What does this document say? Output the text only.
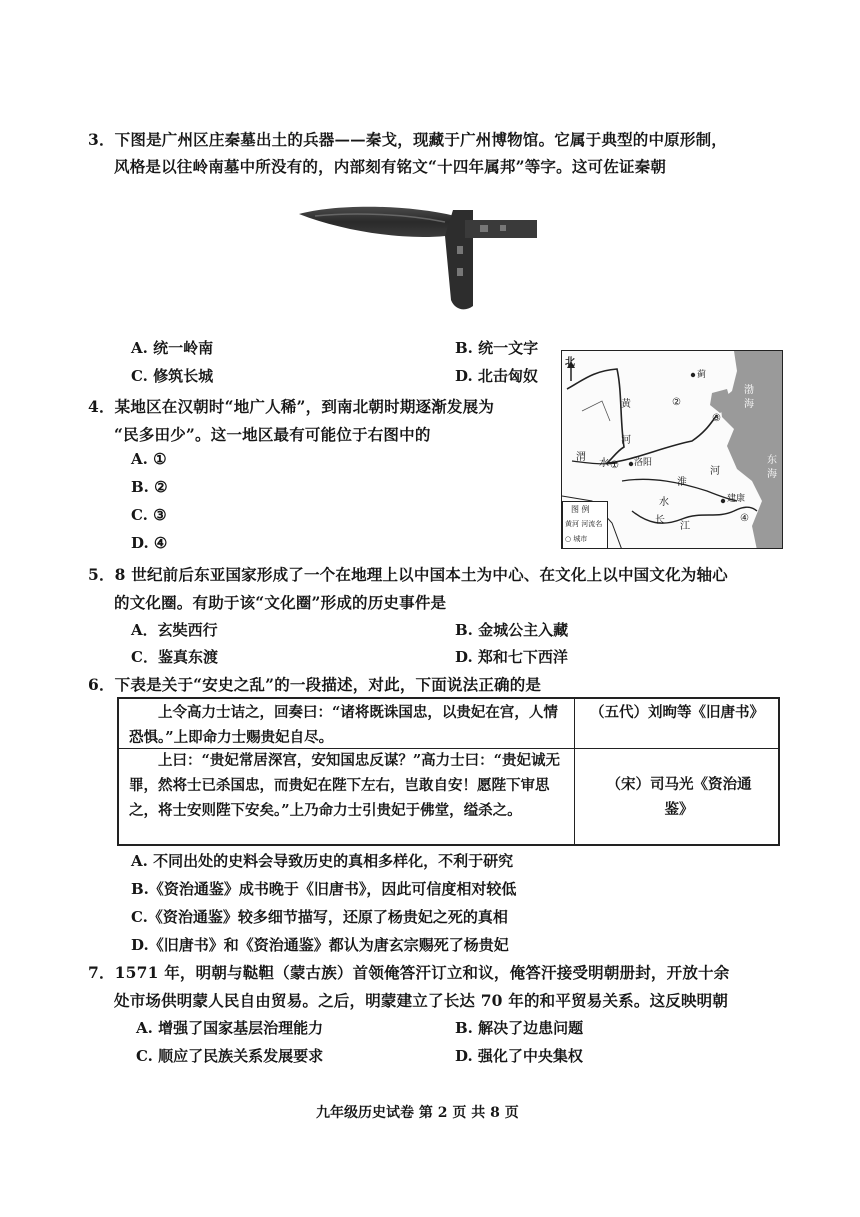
3．下图是广州区庄秦墓出土的兵器——秦戈，现藏于广州博物馆。它属于典型的中原形制，
风格是以往岭南墓中所没有的，内部刻有铭文“十四年属邦”等字。这可佐证秦朝
A. 统一岭南	B. 统一文字
C. 修筑长城	D. 北击匈奴
4．某地区在汉朝时“地广人稀”，到南北朝时期逐渐发展为
“民多田少”。这一地区最有可能位于右图中的
A. ①
B. ②
C. ③
D. ④
北
黄
河
渭
水
淮
河
水
长
江
洛阳
建康
蓟
①
②
③
④
渤
海
东
海
图 例
黄河 河流名
○ 城市
5．8 世纪前后东亚国家形成了一个在地理上以中国本土为中心、在文化上以中国文化为轴心
的文化圈。有助于该“文化圈”形成的历史事件是
A．玄奘西行	B. 金城公主入藏
C．鉴真东渡	D. 郑和七下西洋
6．下表是关于“安史之乱”的一段描述，对此，下面说法正确的是
上令高力士诘之，回奏曰：“诸将既诛国忠，以贵妃在宫，人情恐惧。”上即命力士赐贵妃自尽。
（五代）刘昫等《旧唐书》
上曰：“贵妃常居深宫，安知国忠反谋？”高力士曰：“贵妃诚无罪，然将士已杀国忠，而贵妃在陛下左右，岂敢自安！愿陛下审思之，将士安则陛下安矣。”上乃命力士引贵妃于佛堂，缢杀之。
（宋）司马光《资治通鉴》
A. 不同出处的史料会导致历史的真相多样化，不利于研究
B.《资治通鉴》成书晚于《旧唐书》，因此可信度相对较低
C.《资治通鉴》较多细节描写，还原了杨贵妃之死的真相
D.《旧唐书》和《资治通鉴》都认为唐玄宗赐死了杨贵妃
7．1571 年，明朝与鞑靼（蒙古族）首领俺答汗订立和议，俺答汗接受明朝册封，开放十余
处市场供明蒙人民自由贸易。之后，明蒙建立了长达 70 年的和平贸易关系。这反映明朝
A. 增强了国家基层治理能力	B. 解决了边患问题
C. 顺应了民族关系发展要求	D. 强化了中央集权
九年级历史试卷 第 2 页 共 8 页
